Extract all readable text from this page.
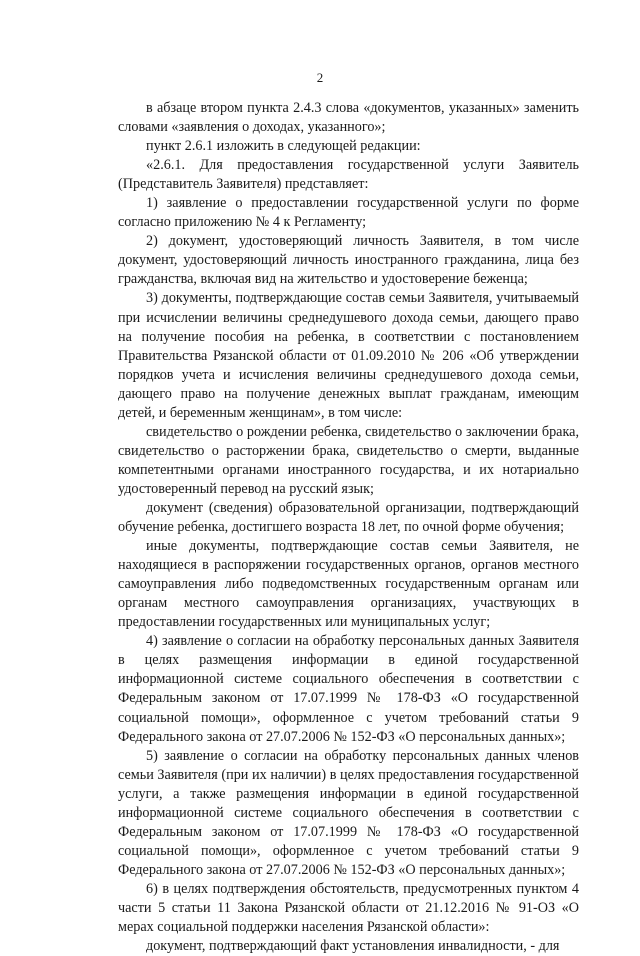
2

в абзаце втором пункта 2.4.3 слова «документов, указанных» заменить словами «заявления о доходах, указанного»;

пункт 2.6.1 изложить в следующей редакции:

«2.6.1. Для предоставления государственной услуги Заявитель (Представитель Заявителя) представляет:

1) заявление о предоставлении государственной услуги по форме согласно приложению № 4 к Регламенту;

2) документ, удостоверяющий личность Заявителя, в том числе документ, удостоверяющий личность иностранного гражданина, лица без гражданства, включая вид на жительство и удостоверение беженца;

3) документы, подтверждающие состав семьи Заявителя, учитываемый при исчислении величины среднедушевого дохода семьи, дающего право на получение пособия на ребенка, в соответствии с постановлением Правительства Рязанской области от 01.09.2010 № 206 «Об утверждении порядков учета и исчисления величины среднедушевого дохода семьи, дающего право на получение денежных выплат гражданам, имеющим детей, и беременным женщинам», в том числе:

свидетельство о рождении ребенка, свидетельство о заключении брака, свидетельство о расторжении брака, свидетельство о смерти, выданные компетентными органами иностранного государства, и их нотариально удостоверенный перевод на русский язык;

документ (сведения) образовательной организации, подтверждающий обучение ребенка, достигшего возраста 18 лет, по очной форме обучения;

иные документы, подтверждающие состав семьи Заявителя, не находящиеся в распоряжении государственных органов, органов местного самоуправления либо подведомственных государственным органам или органам местного самоуправления организациях, участвующих в предоставлении государственных или муниципальных услуг;

4) заявление о согласии на обработку персональных данных Заявителя в целях размещения информации в единой государственной информационной системе социального обеспечения в соответствии с Федеральным законом от 17.07.1999 № 178-ФЗ «О государственной социальной помощи», оформленное с учетом требований статьи 9 Федерального закона от 27.07.2006 № 152-ФЗ «О персональных данных»;

5) заявление о согласии на обработку персональных данных членов семьи Заявителя (при их наличии) в целях предоставления государственной услуги, а также размещения информации в единой государственной информационной системе социального обеспечения в соответствии с Федеральным законом от 17.07.1999 № 178-ФЗ «О государственной социальной помощи», оформленное с учетом требований статьи 9 Федерального закона от 27.07.2006 № 152-ФЗ «О персональных данных»;

6) в целях подтверждения обстоятельств, предусмотренных пунктом 4 части 5 статьи 11 Закона Рязанской области от 21.12.2016 № 91-ОЗ «О мерах социальной поддержки населения Рязанской области»:

документ, подтверждающий факт установления инвалидности, - для
